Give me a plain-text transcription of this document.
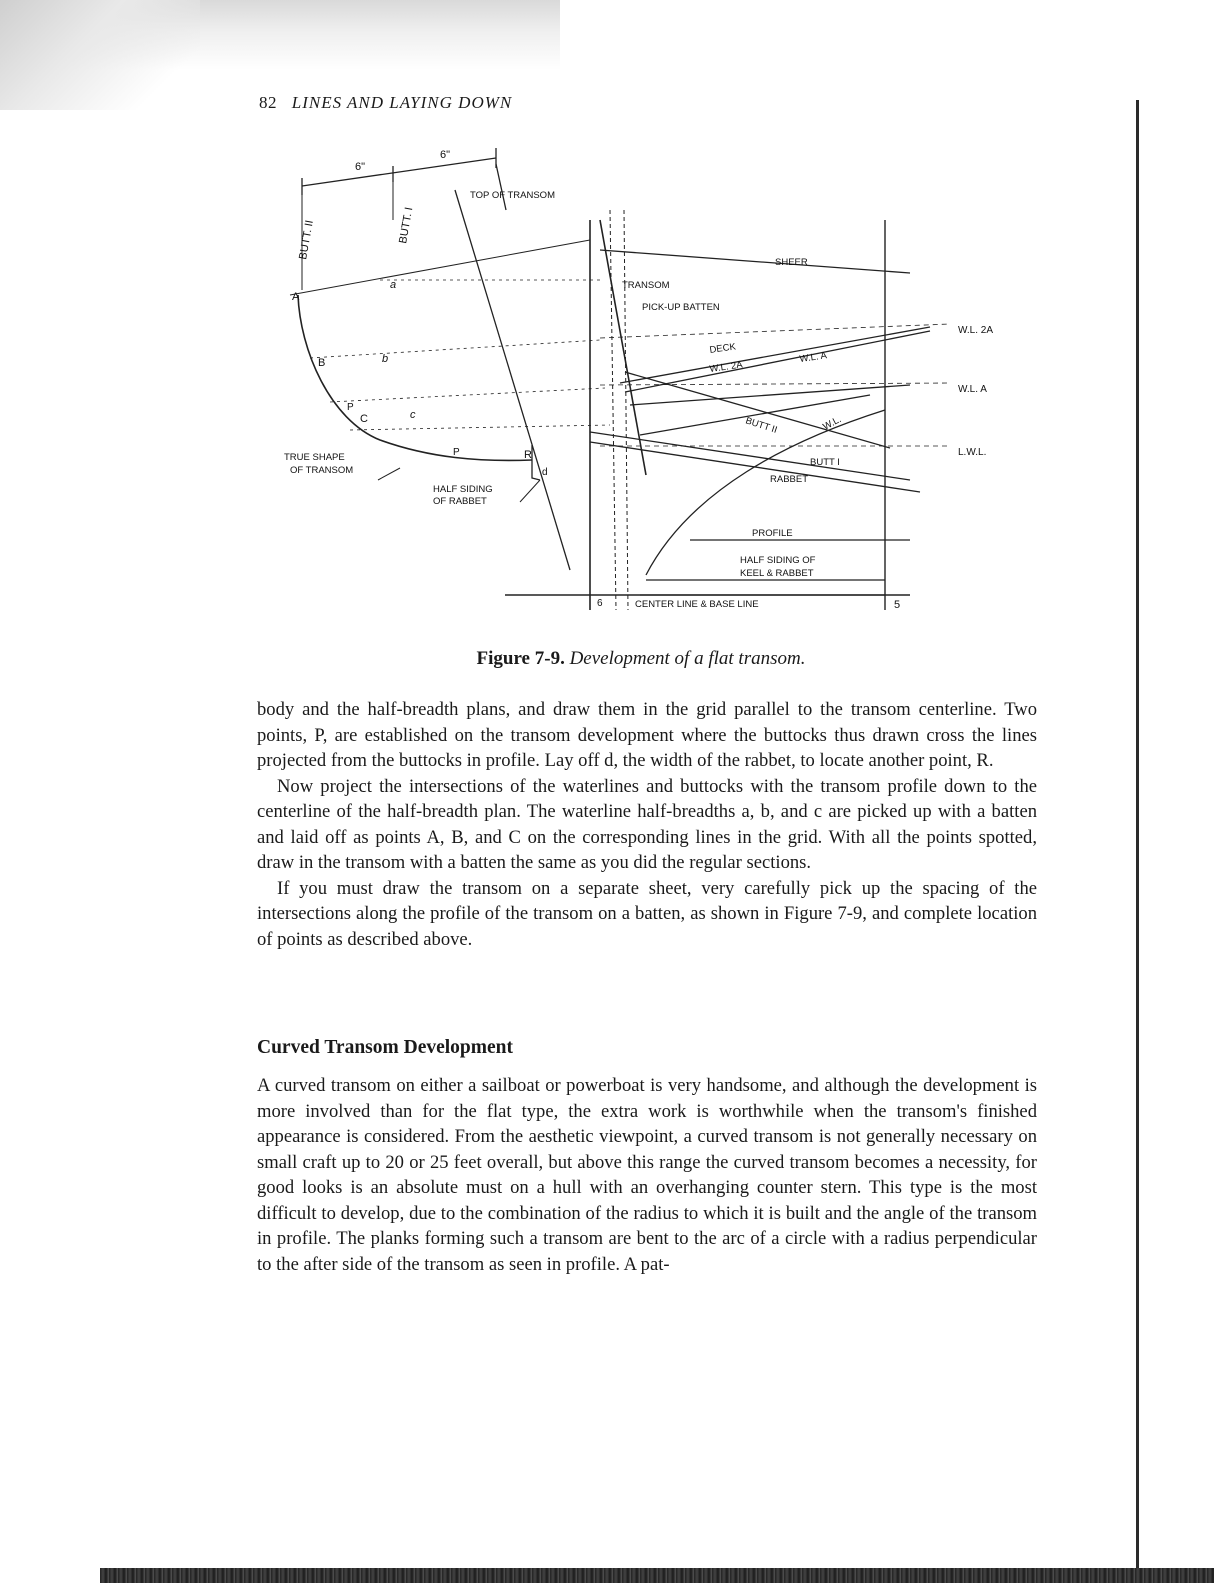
82 LINES AND LAYING DOWN
6"
6"
BUTT. II	BUTT. I
TOP OF TRANSOM
SHEER
TRANSOM
PICK-UP BATTEN
W.L. 2A
W.L. A
L.W.L.
DECK
W.L. 2A
W.L. A
BUTT II	W.L.
BUTT I
RABBET
PROFILE
HALF SIDING OF
KEEL & RABBET
CENTER LINE & BASE LINE
TRUE SHAPE
OF TRANSOM
HALF SIDING
OF RABBET
A
B
C
P
P	R
a
b
c
d
6	5
Figure 7-9. Development of a flat transom.

body and the half-breadth plans, and draw them in the grid parallel to the transom centerline. Two points, P, are established on the transom development where the buttocks thus drawn cross the lines projected from the buttocks in profile. Lay off d, the width of the rabbet, to locate another point, R.

Now project the intersections of the waterlines and buttocks with the transom profile down to the centerline of the half-breadth plan. The waterline half-breadths a, b, and c are picked up with a batten and laid off as points A, B, and C on the corresponding lines in the grid. With all the points spotted, draw in the transom with a batten the same as you did the regular sections.

If you must draw the transom on a separate sheet, very carefully pick up the spacing of the intersections along the profile of the transom on a batten, as shown in Figure 7-9, and complete location of points as described above.

Curved Transom Development

A curved transom on either a sailboat or powerboat is very handsome, and although the development is more involved than for the flat type, the extra work is worthwhile when the transom's finished appearance is considered. From the aesthetic viewpoint, a curved transom is not generally necessary on small craft up to 20 or 25 feet overall, but above this range the curved transom becomes a necessity, for good looks is an absolute must on a hull with an overhanging counter stern. This type is the most difficult to develop, due to the combination of the radius to which it is built and the angle of the transom in profile. The planks forming such a transom are bent to the arc of a circle with a radius perpendicular to the after side of the transom as seen in profile. A pat-
